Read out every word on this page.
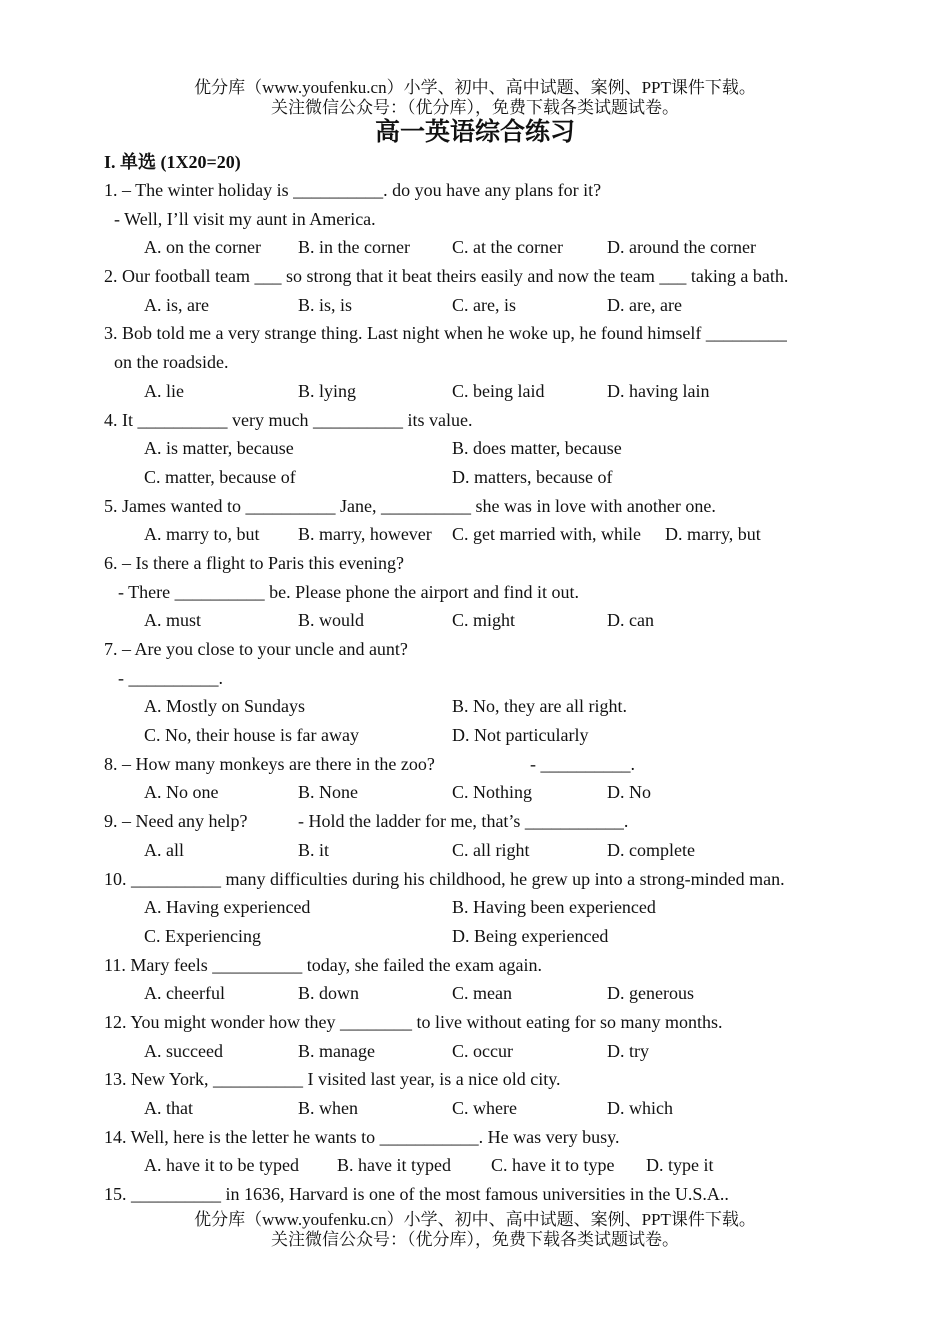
优分库（www.youfenku.cn）小学、初中、高中试题、案例、PPT课件下载。
关注微信公众号：（优分库），免费下载各类试题试卷。
高一英语综合练习
I. 单选 (1X20=20)
1. – The winter holiday is __________. do you have any plans for it?
- Well, I’ll visit my aunt in America.
A. on the corner B. in the corner C. at the corner D. around the corner
2. Our football team ___ so strong that it beat theirs easily and now the team ___ taking a bath.
A. is, are	B. is, is	C. are, is	D. are, are
3. Bob told me a very strange thing. Last night when he woke up, he found himself _________
on the roadside.
A. lie	B. lying	C. being laid	D. having lain
4. It __________ very much __________ its value.
A. is matter, because	B. does matter, because
C. matter, because of	D. matters, because of
5. James wanted to __________ Jane, __________ she was in love with another one.
A. marry to, but B. marry, however C. get married with, while D. marry, but
6. – Is there a flight to Paris this evening?
- There __________ be. Please phone the airport and find it out.
A. must	B. would	C. might	D. can
7. – Are you close to your uncle and aunt?
- __________.
A. Mostly on Sundays	B. No, they are all right.
C. No, their house is far away	D. Not particularly
8. – How many monkeys are there in the zoo?	- __________.
A. No one	B. None	C. Nothing	D. No
9. – Need any help?	- Hold the ladder for me, that’s ___________.
A. all	B. it	C. all right	D. complete
10. __________ many difficulties during his childhood, he grew up into a strong-minded man.
A. Having experienced	B. Having been experienced
C. Experiencing	D. Being experienced
11. Mary feels __________ today, she failed the exam again.
A. cheerful	B. down	C. mean	D. generous
12. You might wonder how they ________ to live without eating for so many months.
A. succeed	B. manage	C. occur	D. try
13. New York, __________ I visited last year, is a nice old city.
A. that	B. when	C. where	D. which
14. Well, here is the letter he wants to ___________. He was very busy.
A. have it to be typed B. have it typed C. have it to type D. type it
15. __________ in 1636, Harvard is one of the most famous universities in the U.S.A..
优分库（www.youfenku.cn）小学、初中、高中试题、案例、PPT课件下载。
关注微信公众号：（优分库），免费下载各类试题试卷。
